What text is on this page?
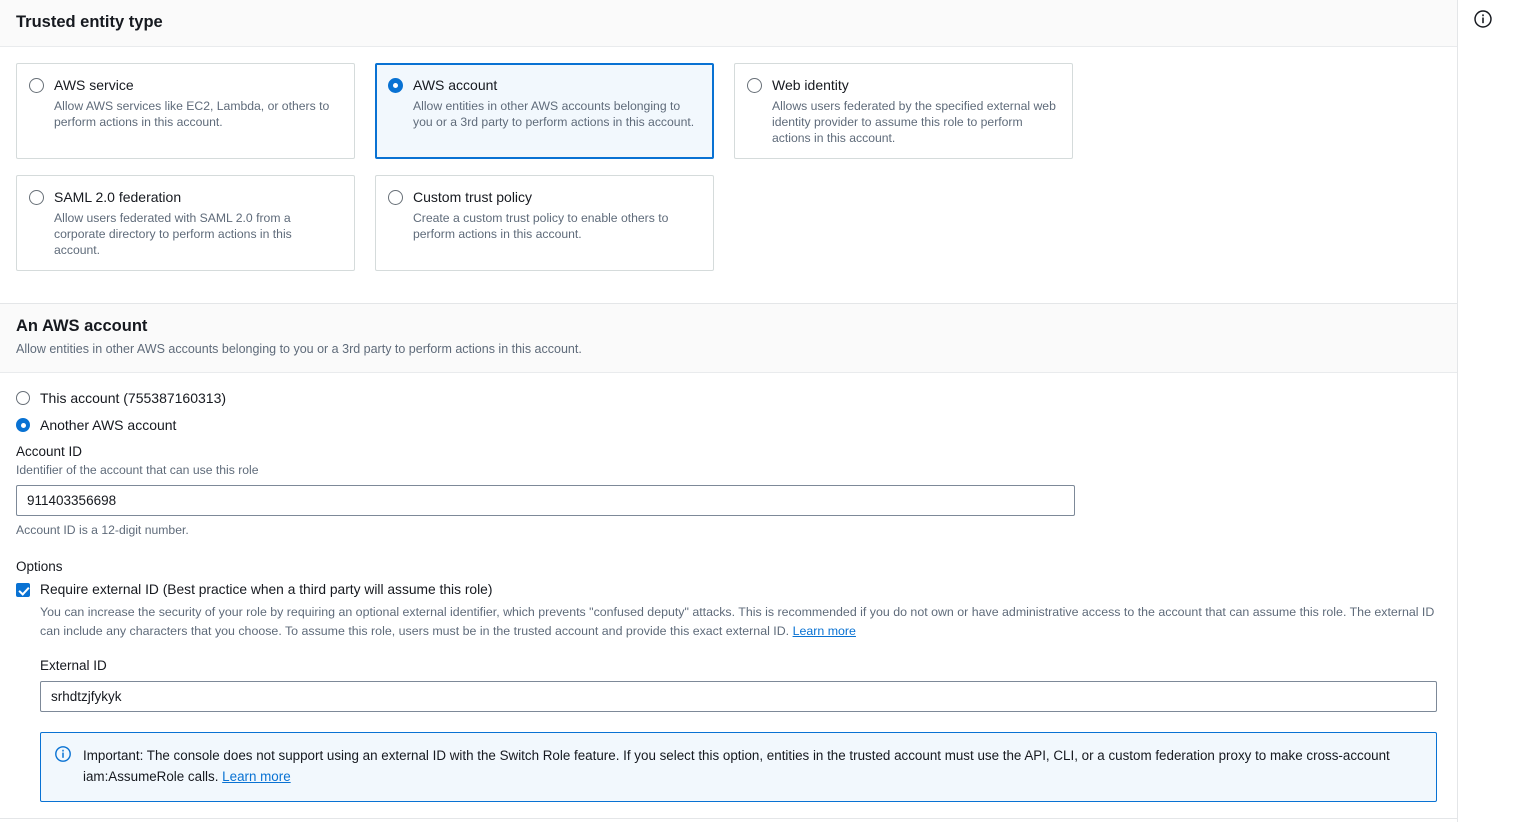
Trusted entity type
AWS service
Allow AWS services like EC2, Lambda, or others to perform actions in this account.
AWS account
Allow entities in other AWS accounts belonging to you or a 3rd party to perform actions in this account.
Web identity
Allows users federated by the specified external web identity provider to assume this role to perform actions in this account.
SAML 2.0 federation
Allow users federated with SAML 2.0 from a corporate directory to perform actions in this account.
Custom trust policy
Create a custom trust policy to enable others to perform actions in this account.
An AWS account

Allow entities in other AWS accounts belonging to you or a 3rd party to perform actions in this account.

This account (755387160313)
Another AWS account
Account ID
Identifier of the account that can use this role
911403356698
Account ID is a 12-digit number.
Options
Require external ID (Best practice when a third party will assume this role)
You can increase the security of your role by requiring an optional external identifier, which prevents "confused deputy" attacks. This is recommended if you do not own or have administrative access to the account that can assume this role. The external ID can include any characters that you choose. To assume this role, users must be in the trusted account and provide this exact external ID. Learn more
External ID
srhdtzjfykyk
Important: The console does not support using an external ID with the Switch Role feature. If you select this option, entities in the trusted account must use the API, CLI, or a custom federation proxy to make cross-account iam:AssumeRole calls. Learn more
